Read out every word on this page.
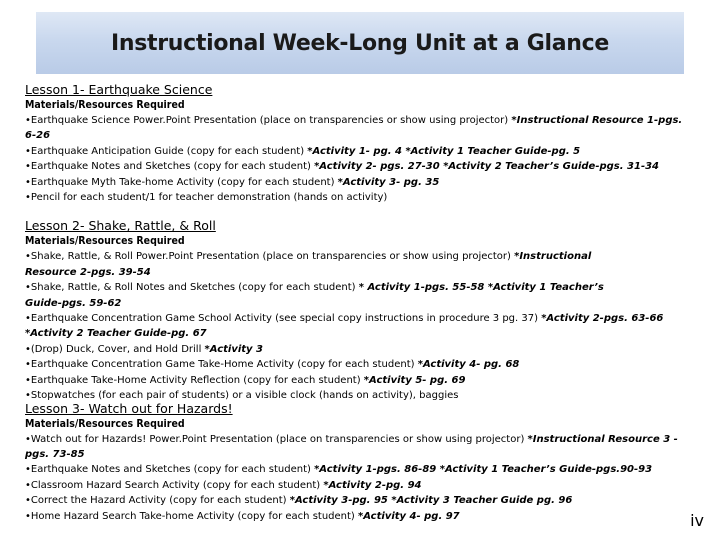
Instructional Week-Long Unit at a Glance
Lesson 1- Earthquake Science
Materials/Resources Required
•Earthquake Science Power.Point Presentation (place on transparencies or show using projector) *Instructional Resource 1-pgs. 6-26
•Earthquake Anticipation Guide (copy for each student) *Activity 1- pg. 4 *Activity 1 Teacher Guide-pg. 5
•Earthquake Notes and Sketches (copy for each student) *Activity 2- pgs. 27-30 *Activity 2 Teacher’s Guide-pgs. 31-34
•Earthquake Myth Take-home Activity (copy for each student) *Activity 3- pg. 35
•Pencil for each student/1 for teacher demonstration (hands on activity)
Lesson 2- Shake, Rattle, & Roll
Materials/Resources Required
•Shake, Rattle, & Roll Power.Point Presentation (place on transparencies or show using projector) *Instructional Resource 2-pgs. 39-54
•Shake, Rattle, & Roll Notes and Sketches (copy for each student) * Activity 1-pgs. 55-58 *Activity 1 Teacher’s Guide-pgs. 59-62
•Earthquake Concentration Game School Activity (see special copy instructions in procedure 3 pg. 37) *Activity 2-pgs. 63-66 *Activity 2 Teacher Guide-pg. 67
•(Drop) Duck, Cover, and Hold Drill *Activity 3
•Earthquake Concentration Game Take-Home Activity (copy for each student) *Activity 4- pg. 68
•Earthquake Take-Home Activity Reflection (copy for each student) *Activity 5- pg. 69
•Stopwatches (for each pair of students) or a visible clock (hands on activity), baggies
Lesson 3- Watch out for Hazards!
Materials/Resources Required
•Watch out for Hazards! Power.Point Presentation (place on transparencies or show using projector) *Instructional Resource 3 -pgs. 73-85
•Earthquake Notes and Sketches (copy for each student) *Activity 1-pgs. 86-89 *Activity 1 Teacher’s Guide-pgs.90-93
•Classroom Hazard Search Activity (copy for each student) *Activity 2-pg. 94
•Correct the Hazard Activity (copy for each student) *Activity 3-pg. 95 *Activity 3 Teacher Guide pg. 96
•Home Hazard Search Take-home Activity (copy for each student) *Activity 4- pg. 97	iv
